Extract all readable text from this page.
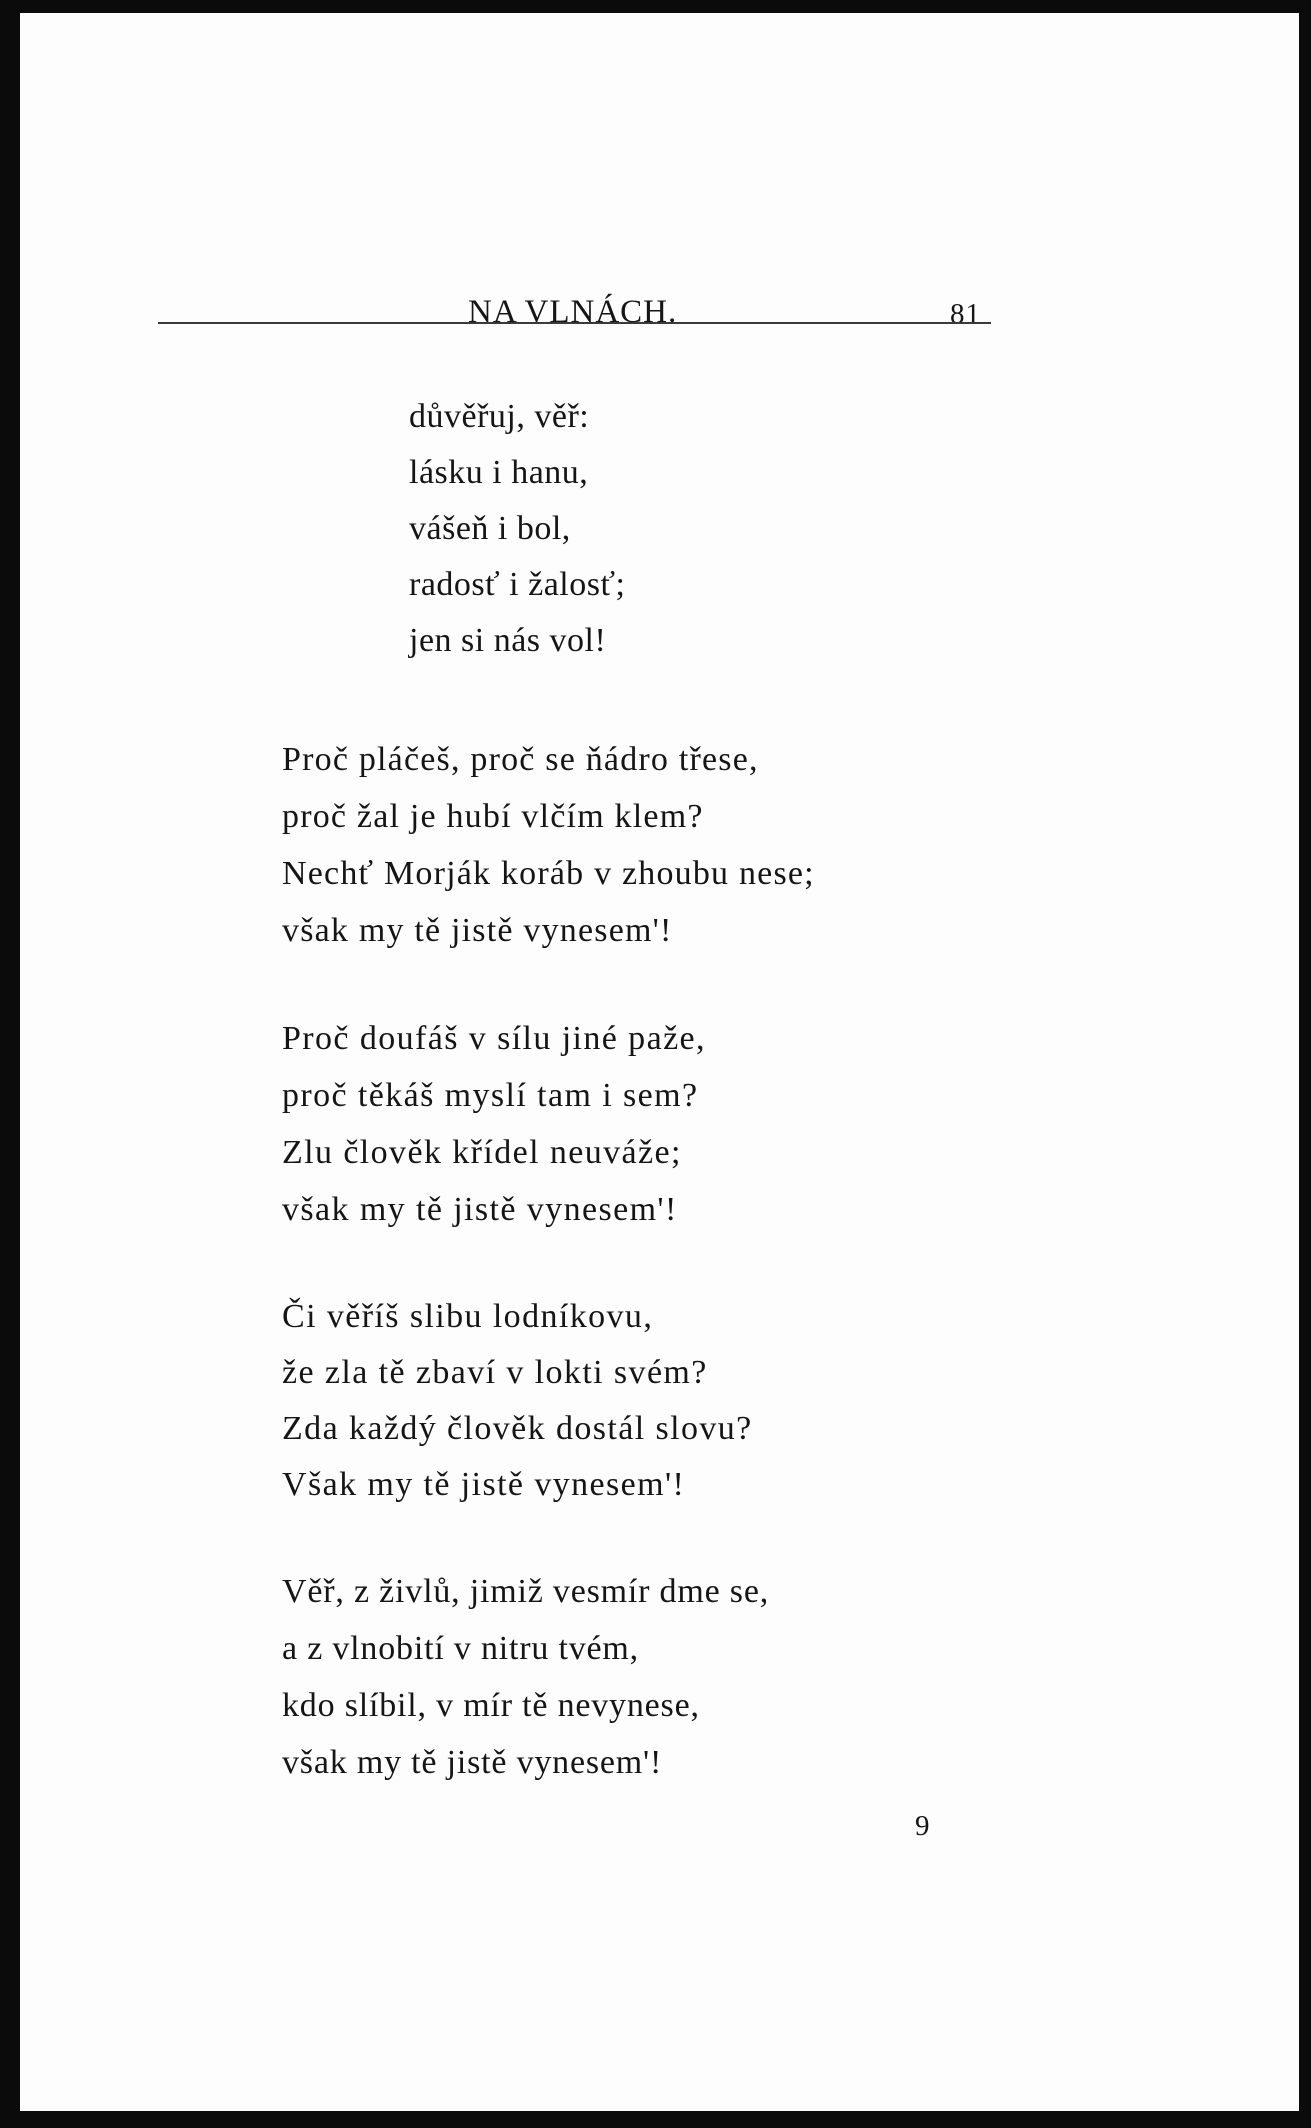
NA VLNÁCH.	81
důvěřuj, věř:
lásku i hanu,
vášeň i bol,
radosť i žalosť;
jen si nás vol!
Proč pláčeš, proč se ňádro třese,
proč žal je hubí vlčím klem?
Nechť Morják koráb v zhoubu nese;
však my tě jistě vynesem'!
Proč doufáš v sílu jiné paže,
proč těkáš myslí tam i sem?
Zlu člověk křídel neuváže;
však my tě jistě vynesem'!
Či věříš slibu lodníkovu,
že zla tě zbaví v lokti svém?
Zda každý člověk dostál slovu?
Však my tě jistě vynesem'!
Věř, z živlů, jimiž vesmír dme se,
a z vlnobití v nitru tvém,
kdo slíbil, v mír tě nevynese,
však my tě jistě vynesem'!
9
